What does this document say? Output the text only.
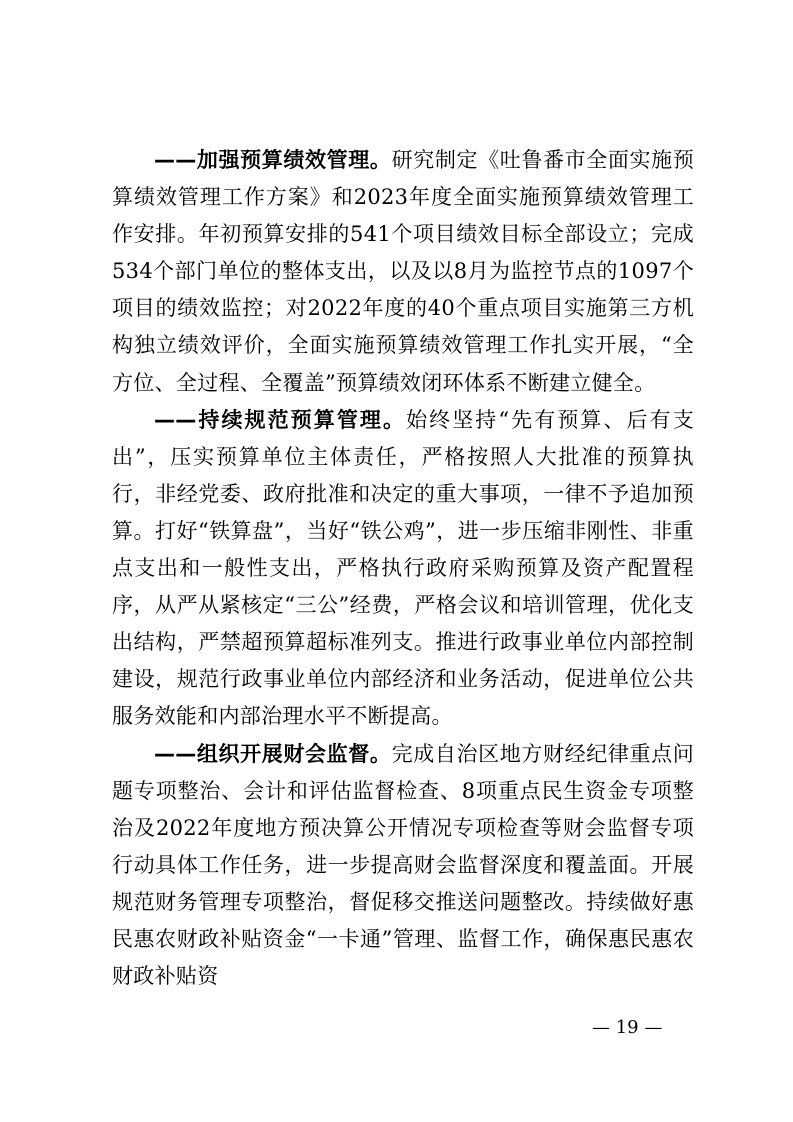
——加强预算绩效管理。研究制定《吐鲁番市全面实施预算绩效管理工作方案》和2023年度全面实施预算绩效管理工作安排。年初预算安排的541个项目绩效目标全部设立；完成534个部门单位的整体支出，以及以8月为监控节点的1097个项目的绩效监控；对2022年度的40个重点项目实施第三方机构独立绩效评价，全面实施预算绩效管理工作扎实开展，“全方位、全过程、全覆盖”预算绩效闭环体系不断建立健全。

——持续规范预算管理。始终坚持“先有预算、后有支出”，压实预算单位主体责任，严格按照人大批准的预算执行，非经党委、政府批准和决定的重大事项，一律不予追加预算。打好“铁算盘”，当好“铁公鸡”，进一步压缩非刚性、非重点支出和一般性支出，严格执行政府采购预算及资产配置程序，从严从紧核定“三公”经费，严格会议和培训管理，优化支出结构，严禁超预算超标准列支。推进行政事业单位内部控制建设，规范行政事业单位内部经济和业务活动，促进单位公共服务效能和内部治理水平不断提高。

——组织开展财会监督。完成自治区地方财经纪律重点问题专项整治、会计和评估监督检查、8项重点民生资金专项整治及2022年度地方预决算公开情况专项检查等财会监督专项行动具体工作任务，进一步提高财会监督深度和覆盖面。开展规范财务管理专项整治，督促移交推送问题整改。持续做好惠民惠农财政补贴资金“一卡通”管理、监督工作，确保惠民惠农财政补贴资

— 19 —
